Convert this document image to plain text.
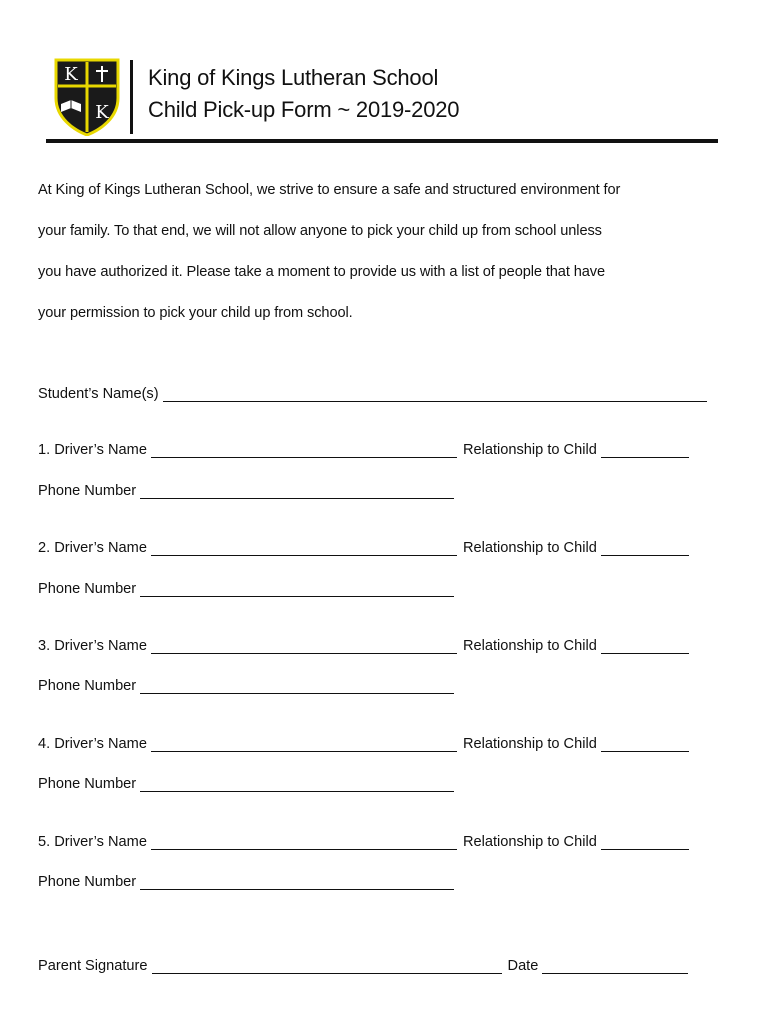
K
K
King of Kings Lutheran School
Child Pick-up Form ~ 2019-2020

At King of Kings Lutheran School, we strive to ensure a safe and structured environment for

your family. To that end, we will not allow anyone to pick your child up from school unless

you have authorized it. Please take a moment to provide us with a list of people that have

your permission to pick your child up from school.

Student’s Name(s)
1. Driver’s Name	Relationship to Child
Phone Number
2. Driver’s Name	Relationship to Child
Phone Number
3. Driver’s Name	Relationship to Child
Phone Number
4. Driver’s Name	Relationship to Child
Phone Number
5. Driver’s Name	Relationship to Child
Phone Number
Parent Signature	Date
